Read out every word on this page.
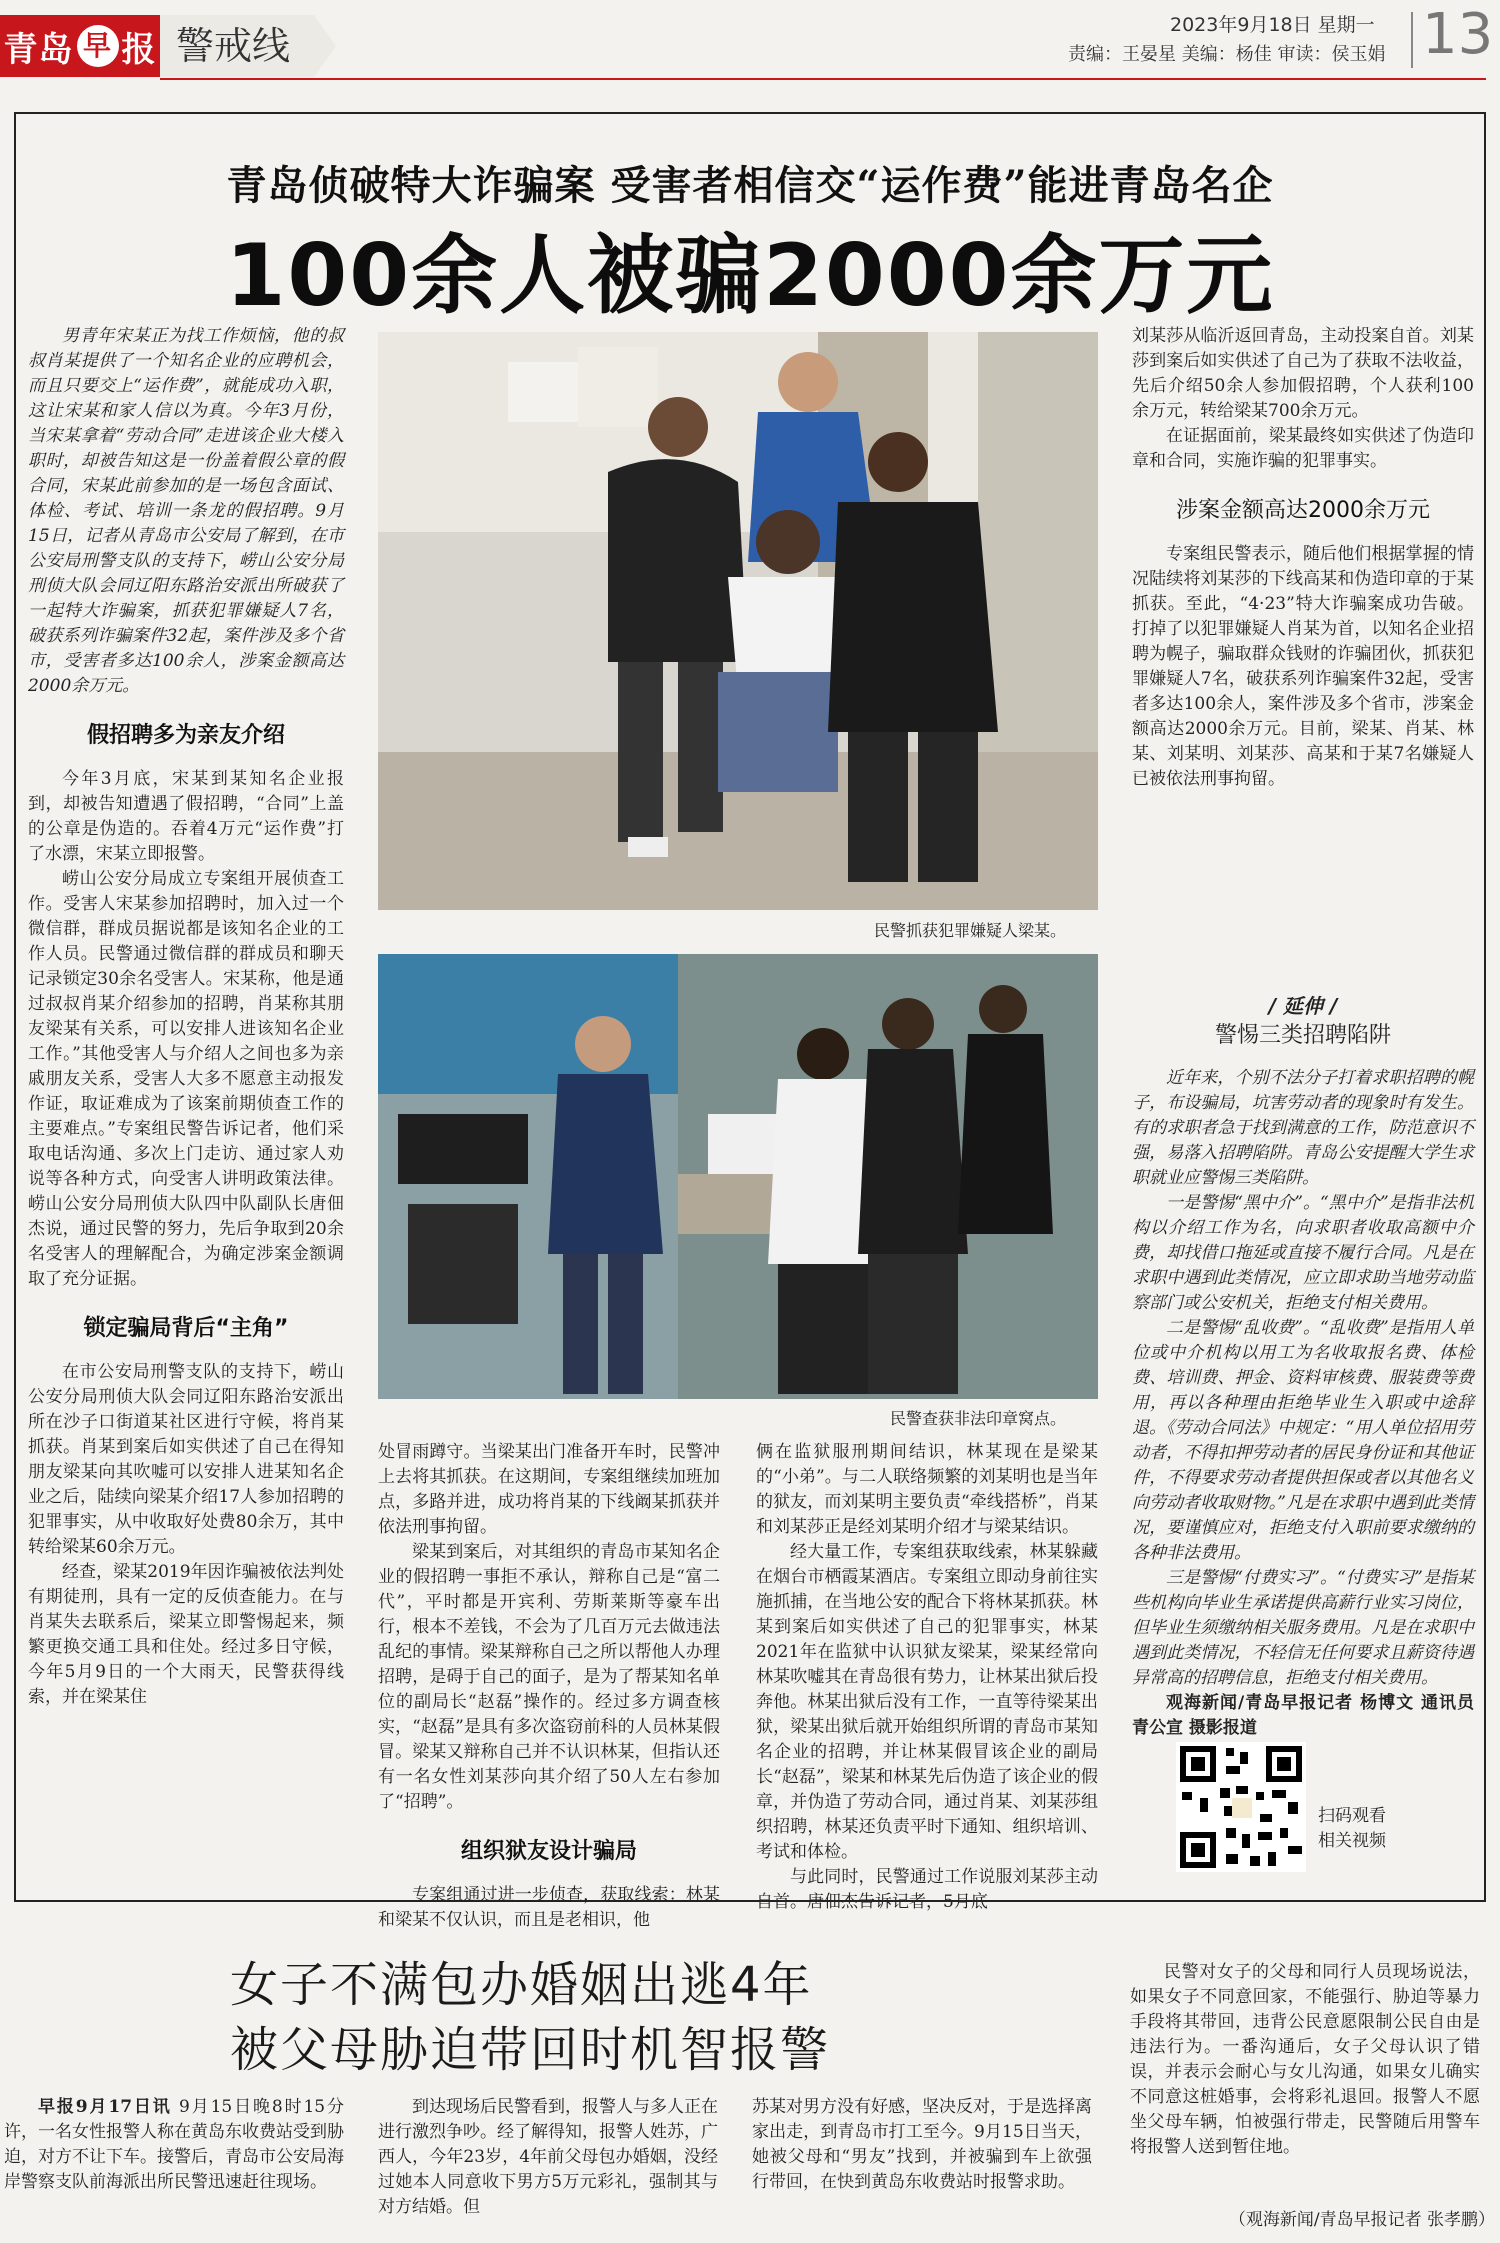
青岛 早 报 警戒线	2023年9月18日 星期一
责编：王晏星 美编：杨佳 审读：侯玉娟 13
青岛侦破特大诈骗案 受害者相信交“运作费”能进青岛名企
100余人被骗2000余万元

男青年宋某正为找工作烦恼，他的叔叔肖某提供了一个知名企业的应聘机会，而且只要交上“运作费”，就能成功入职，这让宋某和家人信以为真。今年3月份，当宋某拿着“劳动合同”走进该企业大楼入职时，却被告知这是一份盖着假公章的假合同，宋某此前参加的是一场包含面试、体检、考试、培训一条龙的假招聘。9月15日，记者从青岛市公安局了解到，在市公安局刑警支队的支持下，崂山公安分局刑侦大队会同辽阳东路治安派出所破获了一起特大诈骗案，抓获犯罪嫌疑人7名，破获系列诈骗案件32起，案件涉及多个省市，受害者多达100余人，涉案金额高达2000余万元。

假招聘多为亲友介绍

今年3月底，宋某到某知名企业报到，却被告知遭遇了假招聘，“合同”上盖的公章是伪造的。吞着4万元“运作费”打了水漂，宋某立即报警。

崂山公安分局成立专案组开展侦查工作。受害人宋某参加招聘时，加入过一个微信群，群成员据说都是该知名企业的工作人员。民警通过微信群的群成员和聊天记录锁定30余名受害人。宋某称，他是通过叔叔肖某介绍参加的招聘，肖某称其朋友梁某有关系，可以安排人进该知名企业工作。”其他受害人与介绍人之间也多为亲戚朋友关系，受害人大多不愿意主动报发作证，取证难成为了该案前期侦查工作的主要难点。”专案组民警告诉记者，他们采取电话沟通、多次上门走访、通过家人劝说等各种方式，向受害人讲明政策法律。崂山公安分局刑侦大队四中队副队长唐佃杰说，通过民警的努力，先后争取到20余名受害人的理解配合，为确定涉案金额调取了充分证据。

锁定骗局背后“主角”

在市公安局刑警支队的支持下，崂山公安分局刑侦大队会同辽阳东路治安派出所在沙子口街道某社区进行守候，将肖某抓获。肖某到案后如实供述了自己在得知朋友梁某向其吹嘘可以安排人进某知名企业之后，陆续向梁某介绍17人参加招聘的犯罪事实，从中收取好处费80余万，其中转给梁某60余万元。

经查，梁某2019年因诈骗被依法判处有期徒刑，具有一定的反侦查能力。在与肖某失去联系后，梁某立即警惕起来，频繁更换交通工具和住处。经过多日守候，今年5月9日的一个大雨天，民警获得线索，并在梁某住

民警抓获犯罪嫌疑人梁某。
民警查获非法印章窝点。

处冒雨蹲守。当梁某出门准备开车时，民警冲上去将其抓获。在这期间，专案组继续加班加点，多路并进，成功将肖某的下线阚某抓获并依法刑事拘留。

梁某到案后，对其组织的青岛市某知名企业的假招聘一事拒不承认，辩称自己是“富二代”，平时都是开宾利、劳斯莱斯等豪车出行，根本不差钱，不会为了几百万元去做违法乱纪的事情。梁某辩称自己之所以帮他人办理招聘，是碍于自己的面子，是为了帮某知名单位的副局长“赵磊”操作的。经过多方调查核实，“赵磊”是具有多次盗窃前科的人员林某假冒。梁某又辩称自己并不认识林某，但指认还有一名女性刘某莎向其介绍了50人左右参加了“招聘”。

组织狱友设计骗局

专案组通过进一步侦查，获取线索：林某和梁某不仅认识，而且是老相识，他

俩在监狱服刑期间结识，林某现在是梁某的“小弟”。与二人联络频繁的刘某明也是当年的狱友，而刘某明主要负责“牵线搭桥”，肖某和刘某莎正是经刘某明介绍才与梁某结识。

经大量工作，专案组获取线索，林某躲藏在烟台市栖霞某酒店。专案组立即动身前往实施抓捕，在当地公安的配合下将林某抓获。林某到案后如实供述了自己的犯罪事实，林某2021年在监狱中认识狱友梁某，梁某经常向林某吹嘘其在青岛很有势力，让林某出狱后投奔他。林某出狱后没有工作，一直等待梁某出狱，梁某出狱后就开始组织所谓的青岛市某知名企业的招聘，并让林某假冒该企业的副局长“赵磊”，梁某和林某先后伪造了该企业的假章，并伪造了劳动合同，通过肖某、刘某莎组织招聘，林某还负责平时下通知、组织培训、考试和体检。

与此同时，民警通过工作说服刘某莎主动自首。唐佃杰告诉记者，5月底

刘某莎从临沂返回青岛，主动投案自首。刘某莎到案后如实供述了自己为了获取不法收益，先后介绍50余人参加假招聘，个人获利100余万元，转给梁某700余万元。

在证据面前，梁某最终如实供述了伪造印章和合同，实施诈骗的犯罪事实。

涉案金额高达2000余万元

专案组民警表示，随后他们根据掌握的情况陆续将刘某莎的下线高某和伪造印章的于某抓获。至此，“4·23”特大诈骗案成功告破。打掉了以犯罪嫌疑人肖某为首，以知名企业招聘为幌子，骗取群众钱财的诈骗团伙，抓获犯罪嫌疑人7名，破获系列诈骗案件32起，受害者多达100余人，案件涉及多个省市，涉案金额高达2000余万元。目前，梁某、肖某、林某、刘某明、刘某莎、高某和于某7名嫌疑人已被依法刑事拘留。

/ 延伸 /
警惕三类招聘陷阱

近年来，个别不法分子打着求职招聘的幌子，布设骗局，坑害劳动者的现象时有发生。有的求职者急于找到满意的工作，防范意识不强，易落入招聘陷阱。青岛公安提醒大学生求职就业应警惕三类陷阱。

一是警惕“黑中介”。“黑中介”是指非法机构以介绍工作为名，向求职者收取高额中介费，却找借口拖延或直接不履行合同。凡是在求职中遇到此类情况，应立即求助当地劳动监察部门或公安机关，拒绝支付相关费用。

二是警惕“乱收费”。“乱收费”是指用人单位或中介机构以用工为名收取报名费、体检费、培训费、押金、资料审核费、服装费等费用，再以各种理由拒绝毕业生入职或中途辞退。《劳动合同法》中规定：“用人单位招用劳动者，不得扣押劳动者的居民身份证和其他证件，不得要求劳动者提供担保或者以其他名义向劳动者收取财物。”凡是在求职中遇到此类情况，要谨慎应对，拒绝支付入职前要求缴纳的各种非法费用。

三是警惕“付费实习”。“付费实习”是指某些机构向毕业生承诺提供高薪行业实习岗位，但毕业生须缴纳相关服务费用。凡是在求职中遇到此类情况，不轻信无任何要求且薪资待遇异常高的招聘信息，拒绝支付相关费用。

观海新闻/青岛早报记者 杨博文 通讯员 青公宣 摄影报道

扫码观看
相关视频
女子不满包办婚姻出逃4年
被父母胁迫带回时机智报警

早报9月17日讯 9月15日晚8时15分许，一名女性报警人称在黄岛东收费站受到胁迫，对方不让下车。接警后，青岛市公安局海岸警察支队前海派出所民警迅速赶往现场。

到达现场后民警看到，报警人与多人正在进行激烈争吵。经了解得知，报警人姓苏，广西人，今年23岁，4年前父母包办婚姻，没经过她本人同意收下男方5万元彩礼，强制其与对方结婚。但

苏某对男方没有好感，坚决反对，于是选择离家出走，到青岛市打工至今。9月15日当天，她被父母和“男友”找到，并被骗到车上欲强行带回，在快到黄岛东收费站时报警求助。

民警对女子的父母和同行人员现场说法，如果女子不同意回家，不能强行、胁迫等暴力手段将其带回，违背公民意愿限制公民自由是违法行为。一番沟通后，女子父母认识了错误，并表示会耐心与女儿沟通，如果女儿确实不同意这桩婚事，会将彩礼退回。报警人不愿坐父母车辆，怕被强行带走，民警随后用警车将报警人送到暂住地。

（观海新闻/青岛早报记者 张孝鹏）
